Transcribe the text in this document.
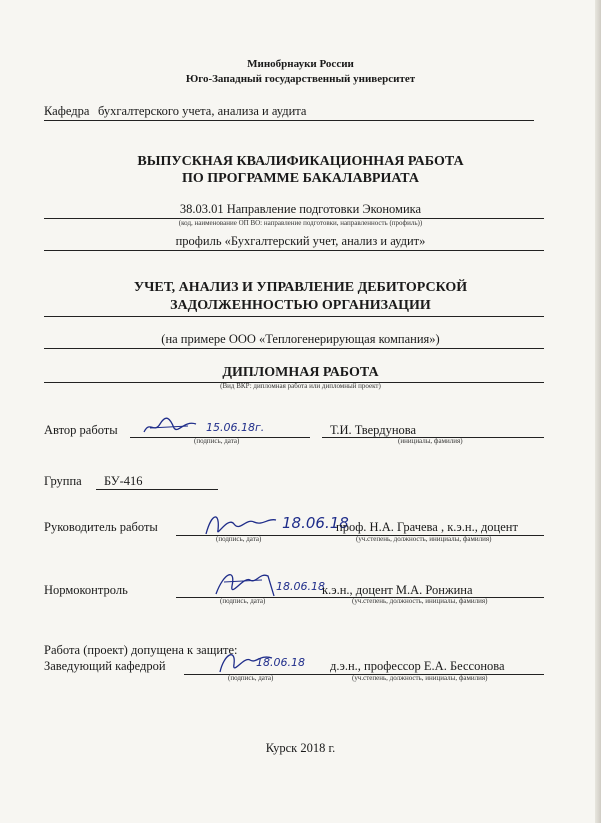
Минобрнауки России
Юго-Западный государственный университет
Кафедра бухгалтерского учета, анализа и аудита
ВЫПУСКНАЯ КВАЛИФИКАЦИОННАЯ РАБОТА
ПО ПРОГРАММЕ БАКАЛАВРИАТА
38.03.01 Направление подготовки Экономика
(код, наименование ОП ВО: направление подготовки, направленность (профиль))
профиль «Бухгалтерский учет, анализ и аудит»
УЧЕТ, АНАЛИЗ И УПРАВЛЕНИЕ ДЕБИТОРСКОЙ
ЗАДОЛЖЕННОСТЬЮ ОРГАНИЗАЦИИ
(на примере ООО «Теплогенерирующая компания»)
ДИПЛОМНАЯ РАБОТА
(Вид ВКР: дипломная работа или дипломный проект)
Автор работы	15.06.18г.
(подпись, дата)
Т.И. Твердунова
(инициалы, фамилия)
Группа БУ-416
Руководитель работы	18.06.18
(подпись, дата)
проф. Н.А. Грачева , к.э.н., доцент
(уч.степень, должность, инициалы, фамилия)
Нормоконтроль	18.06.18
(подпись, дата)
к.э.н., доцент М.А. Ронжина
(уч.степень, должность, инициалы, фамилия)
Работа (проект) допущена к защите:
Заведующий кафедрой	18.06.18
(подпись, дата)
д.э.н., профессор Е.А. Бессонова
(уч.степень, должность, инициалы, фамилия)
Курск 2018 г.
